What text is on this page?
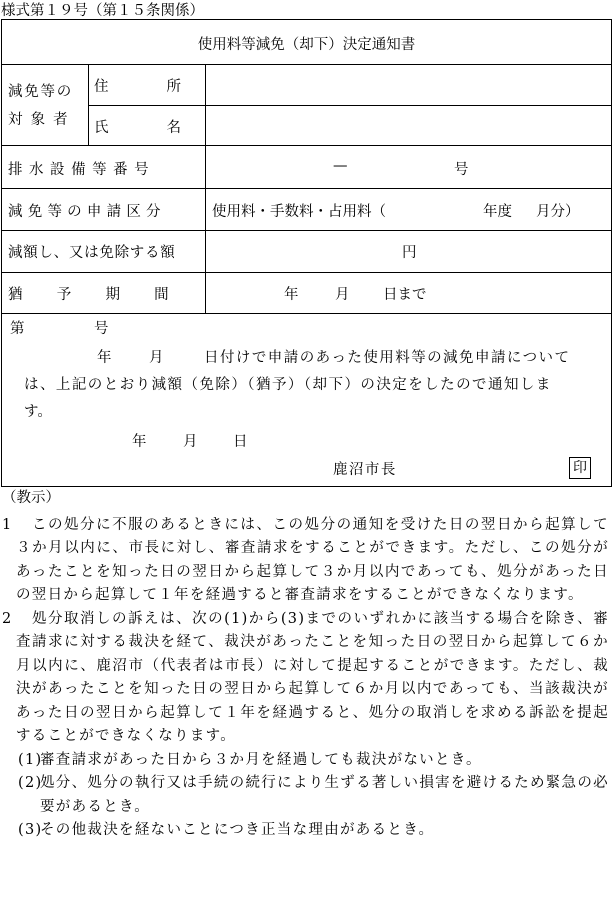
様式第１９号（第１５条関係）
使用料等減免（却下）決定通知書
減免等の
対 象 者
住　　　　所
氏　　　　名
排水設備等番号	—	号
減免等の申請区分	使用料・手数料・占用料（	年度 月分）
減額し、又は免除する額	円
猶　予　期　間	年	月 日まで
第	号
年	月	日付けで申請のあった使用料等の減免申請について
は、上記のとおり減額（免除）（猶予）（却下）の決定をしたので通知しま
す。
年	月 日
鹿沼市長	印
（教示）
1	この処分に不服のあるときには、この処分の通知を受けた日の翌日から起算して３か月以内に、市長に対し、審査請求をすることができます。ただし、この処分があったことを知った日の翌日から起算して３か月以内であっても、処分があった日の翌日から起算して１年を経過すると審査請求をすることができなくなります。
2	処分取消しの訴えは、次の(1)から(3)までのいずれかに該当する場合を除き、審査請求に対する裁決を経て、裁決があったことを知った日の翌日から起算して６か月以内に、鹿沼市（代表者は市長）に対して提起することができます。ただし、裁決があったことを知った日の翌日から起算して６か月以内であっても、当該裁決があった日の翌日から起算して１年を経過すると、処分の取消しを求める訴訟を提起することができなくなります。
(1)
審査請求があった日から３か月を経過しても裁決がないとき。
(2)
処分、処分の執行又は手続の続行により生ずる著しい損害を避けるため緊急の必要があるとき。
(3)
その他裁決を経ないことにつき正当な理由があるとき。
